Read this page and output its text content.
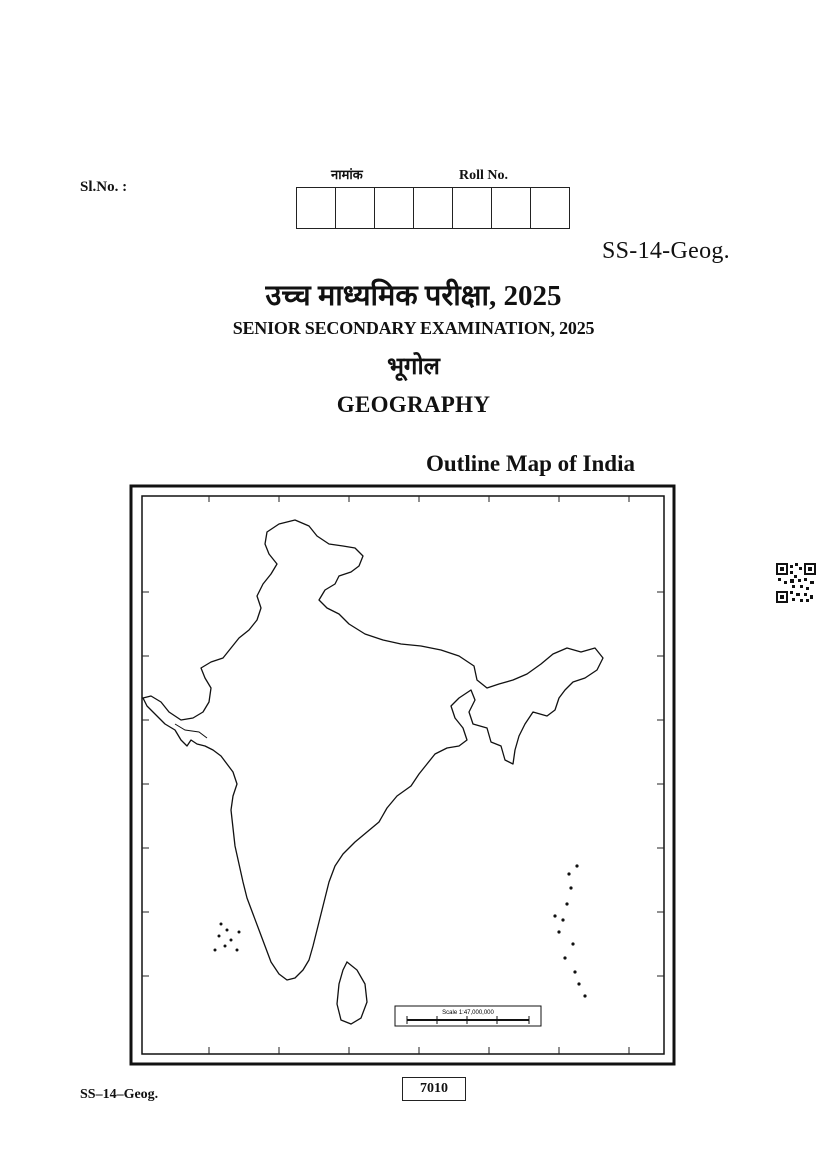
Sl.No. :
नामांक	Roll No.
SS-14-Geog.
उच्च माध्यमिक परीक्षा, 2025
SENIOR SECONDARY EXAMINATION, 2025
भूगोल
GEOGRAPHY
Outline Map of India
Scale 1:47,000,000
SS–14–Geog.	7010
